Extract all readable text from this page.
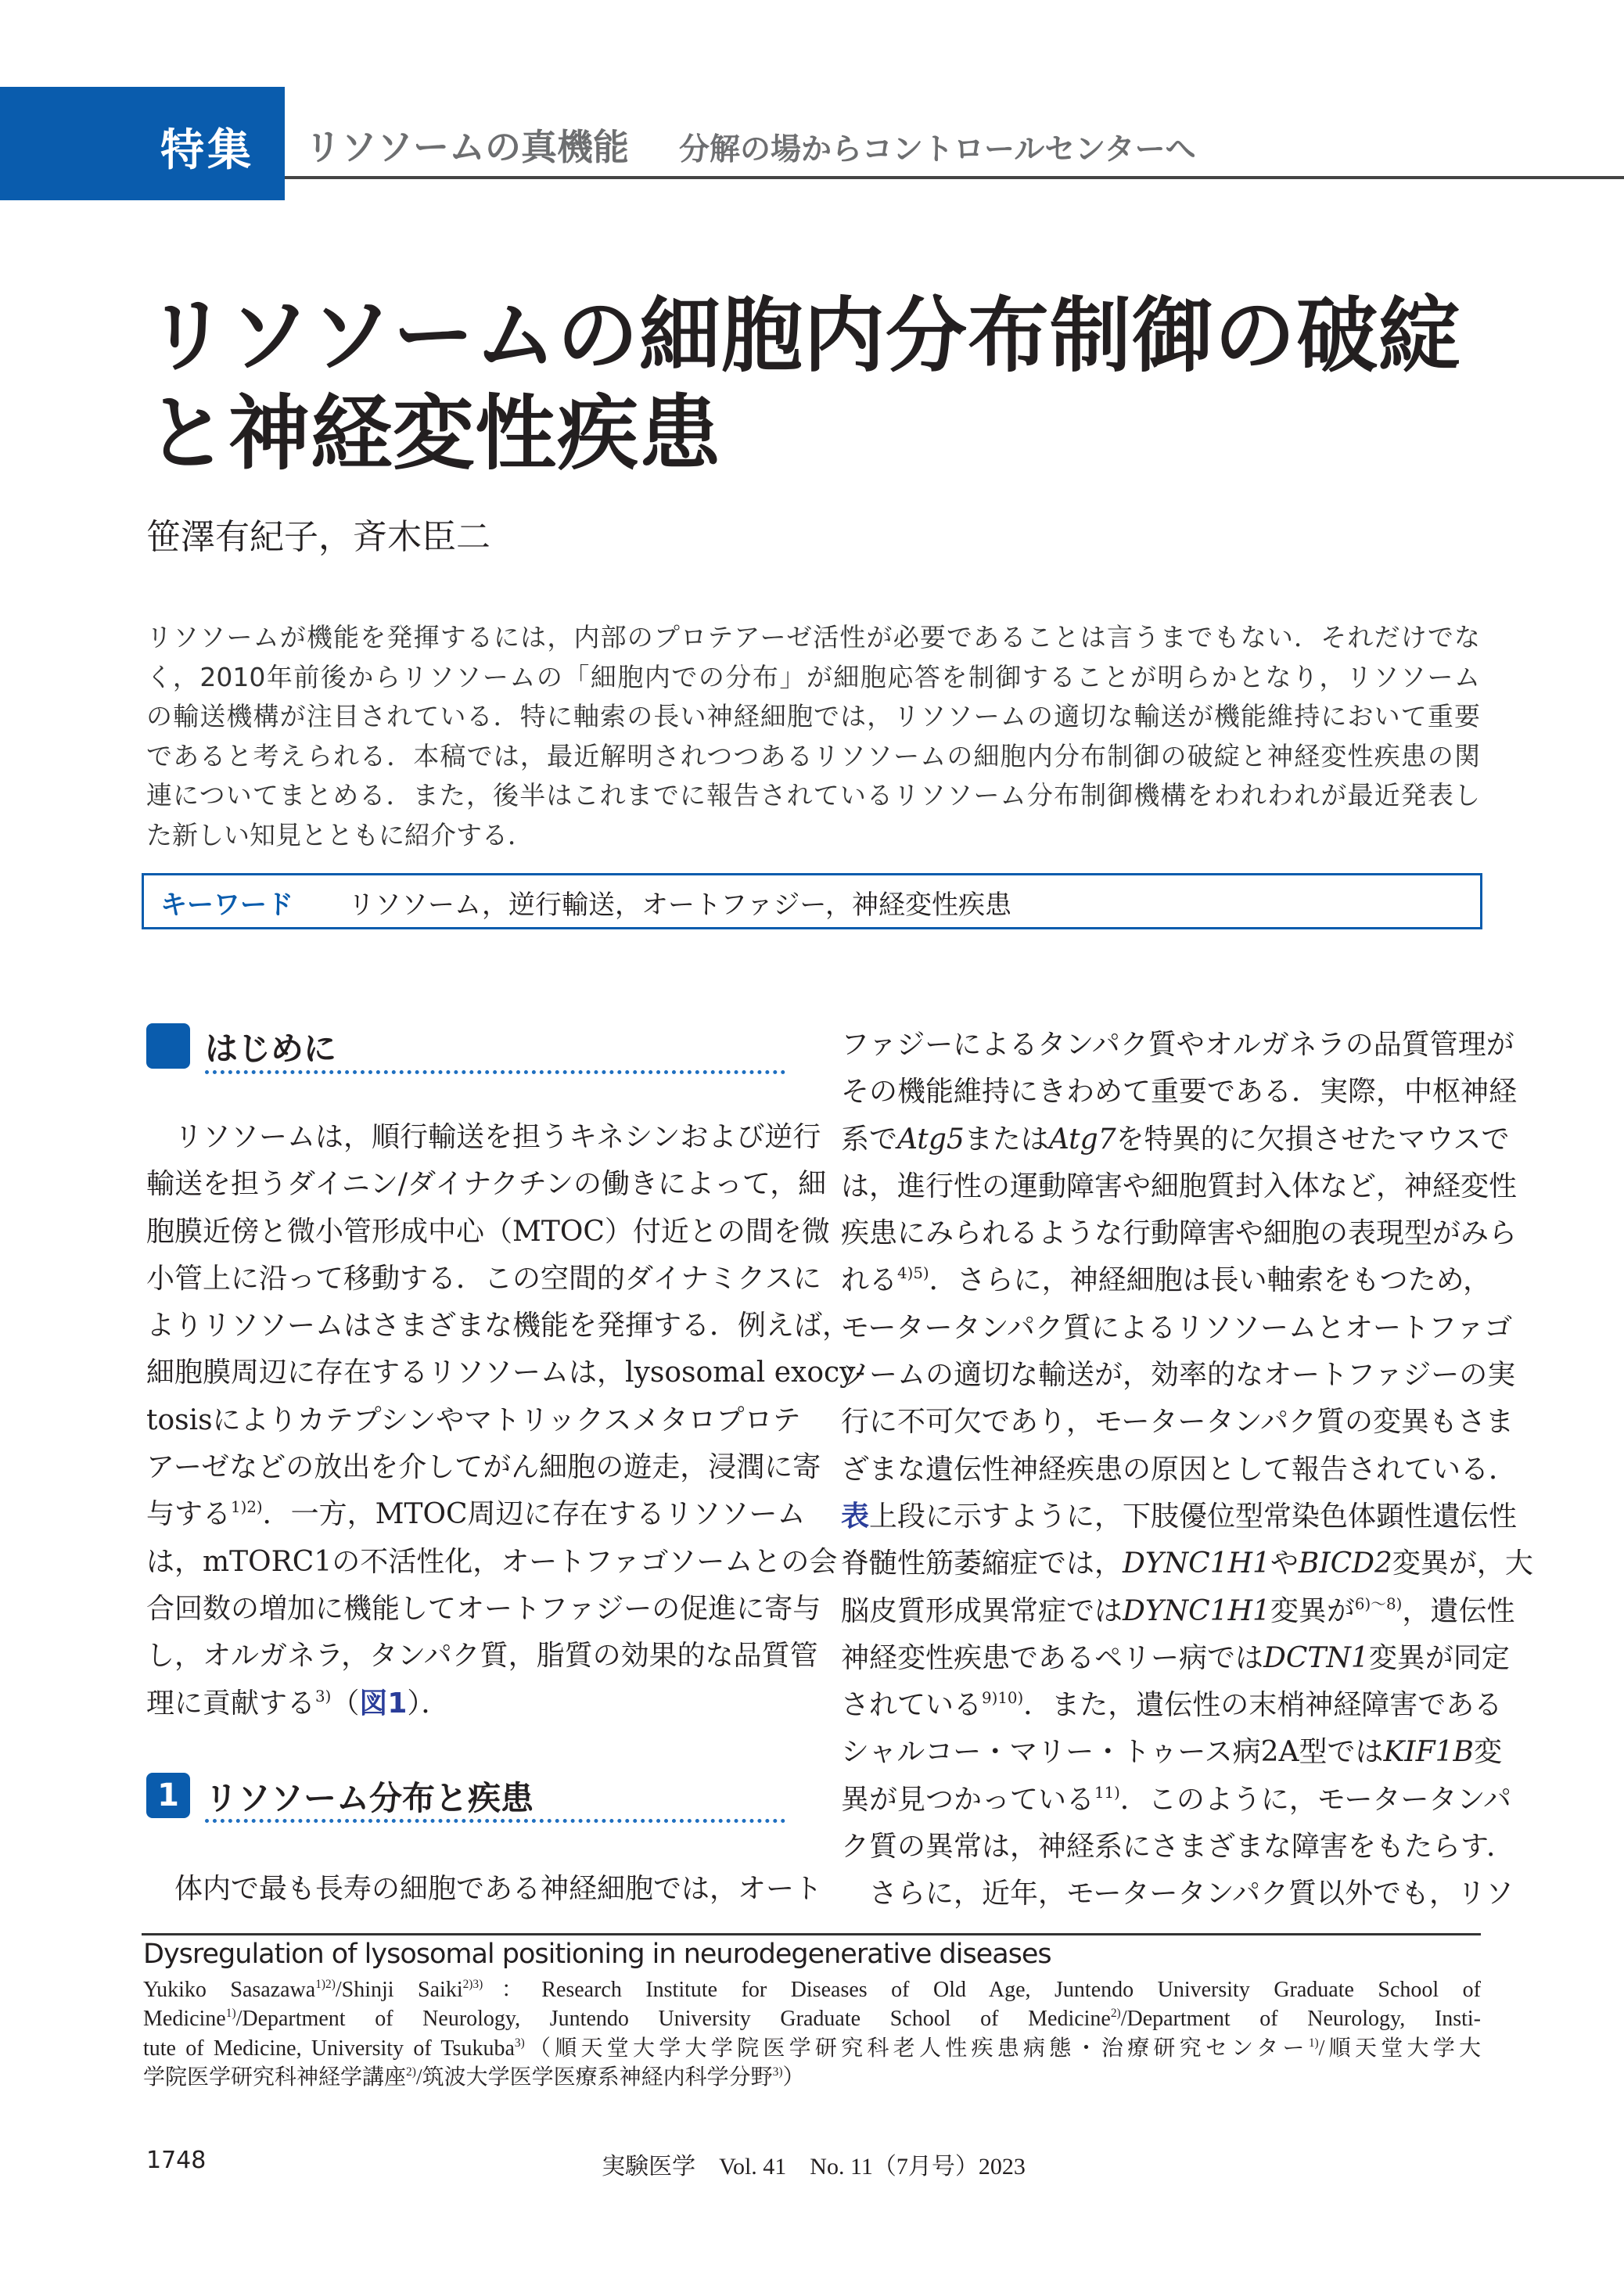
特集 リソソームの真機能 分解の場からコントロールセンターへ
リソソームの細胞内分布制御の破綻
と神経変性疾患
笹澤有紀子，斉木臣二
リソソームが機能を発揮するには，内部のプロテアーゼ活性が必要であることは言うまでもない．それだけでな
く，2010年前後からリソソームの「細胞内での分布」が細胞応答を制御することが明らかとなり，リソソーム
の輸送機構が注目されている．特に軸索の長い神経細胞では，リソソームの適切な輸送が機能維持において重要
であると考えられる．本稿では，最近解明されつつあるリソソームの細胞内分布制御の破綻と神経変性疾患の関
連についてまとめる．また，後半はこれまでに報告されているリソソーム分布制御機構をわれわれが最近発表し
た新しい知見とともに紹介する．
キーワード リソソーム，逆行輸送，オートファジー，神経変性疾患
はじめに
リソソームは，順行輸送を担うキネシンおよび逆行
輸送を担うダイニン/ダイナクチンの働きによって，細
胞膜近傍と微小管形成中心（MTOC）付近との間を微
小管上に沿って移動する．この空間的ダイナミクスに
よりリソソームはさまざまな機能を発揮する．例えば，
細胞膜周辺に存在するリソソームは，lysosomal exocy-
tosisによりカテプシンやマトリックスメタロプロテ
アーゼなどの放出を介してがん細胞の遊走，浸潤に寄
与する$^{1)2)}$．一方，MTOC周辺に存在するリソソーム
は，mTORC1の不活性化，オートファゴソームとの会
合回数の増加に機能してオートファジーの促進に寄与
し，オルガネラ，タンパク質，脂質の効果的な品質管
理に貢献する$^{3)}$（図1）．
1 リソソーム分布と疾患
体内で最も長寿の細胞である神経細胞では，オート
ファジーによるタンパク質やオルガネラの品質管理が
その機能維持にきわめて重要である．実際，中枢神経
系でAtg5またはAtg7を特異的に欠損させたマウスで
は，進行性の運動障害や細胞質封入体など，神経変性
疾患にみられるような行動障害や細胞の表現型がみら
れる$^{4)5)}$．さらに，神経細胞は長い軸索をもつため，
モータータンパク質によるリソソームとオートファゴ
ソームの適切な輸送が，効率的なオートファジーの実
行に不可欠であり，モータータンパク質の変異もさま
ざまな遺伝性神経疾患の原因として報告されている．
表上段に示すように，下肢優位型常染色体顕性遺伝性
脊髄性筋萎縮症では，DYNC1H1やBICD2変異が，大
脳皮質形成異常症ではDYNC1H1変異が$^{6)〜8)}$，遺伝性
神経変性疾患であるペリー病ではDCTN1変異が同定
されている$^{9)10)}$．また，遺伝性の末梢神経障害である
シャルコー・マリー・トゥース病2A型ではKIF1B変
異が見つかっている$^{11)}$．このように，モータータンパ
ク質の異常は，神経系にさまざまな障害をもたらす．
さらに，近年，モータータンパク質以外でも，リソ
Dysregulation of lysosomal positioning in neurodegenerative diseases
Yukiko Sasazawa$^{1)2)}$/Shinji Saiki$^{2)3)}$：Research Institute for Diseases of Old Age, Juntendo University Graduate School of
Medicine$^{1)}$/Department of Neurology, Juntendo University Graduate School of Medicine$^{2)}$/Department of Neurology, Insti-
tute of Medicine, University of Tsukuba$^{3)}$（順天堂大学大学院医学研究科老人性疾患病態・治療研究センター$^{1)}$/順天堂大学大
学院医学研究科神経学講座$^{2)}$/筑波大学医学医療系神経内科学分野$^{3)}$）
1748	実験医学　Vol. 41　No. 11（7月号）2023
